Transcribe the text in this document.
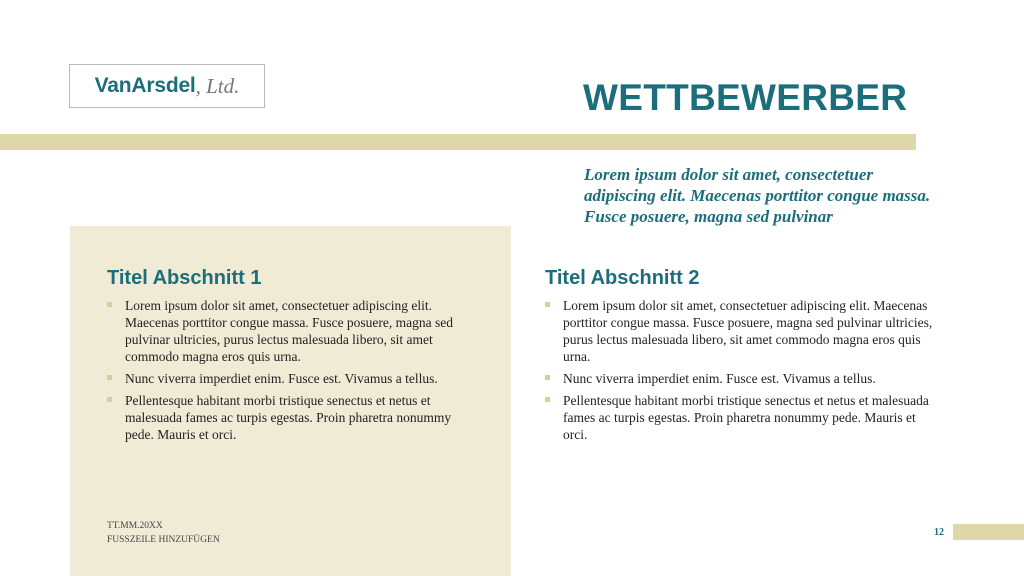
VanArsdel , Ltd.	WETTBEWERBER

Lorem ipsum dolor sit amet, consectetuer adipiscing elit. Maecenas porttitor congue massa. Fusce posuere, magna sed pulvinar

Titel Abschnitt 1
Lorem ipsum dolor sit amet, consectetuer adipiscing elit. Maecenas porttitor congue massa. Fusce posuere, magna sed pulvinar ultricies, purus lectus malesuada libero, sit amet commodo magna eros quis urna.
Nunc viverra imperdiet enim. Fusce est. Vivamus a tellus.
Pellentesque habitant morbi tristique senectus et netus et malesuada fames ac turpis egestas. Proin pharetra nonummy pede. Mauris et orci.
Titel Abschnitt 2
Lorem ipsum dolor sit amet, consectetuer adipiscing elit. Maecenas porttitor congue massa. Fusce posuere, magna sed pulvinar ultricies, purus lectus malesuada libero, sit amet commodo magna eros quis urna.
Nunc viverra imperdiet enim. Fusce est. Vivamus a tellus.
Pellentesque habitant morbi tristique senectus et netus et malesuada fames ac turpis egestas. Proin pharetra nonummy pede. Mauris et orci.
TT.MM.20XX
FUSSZEILE HINZUFÜGEN
12
